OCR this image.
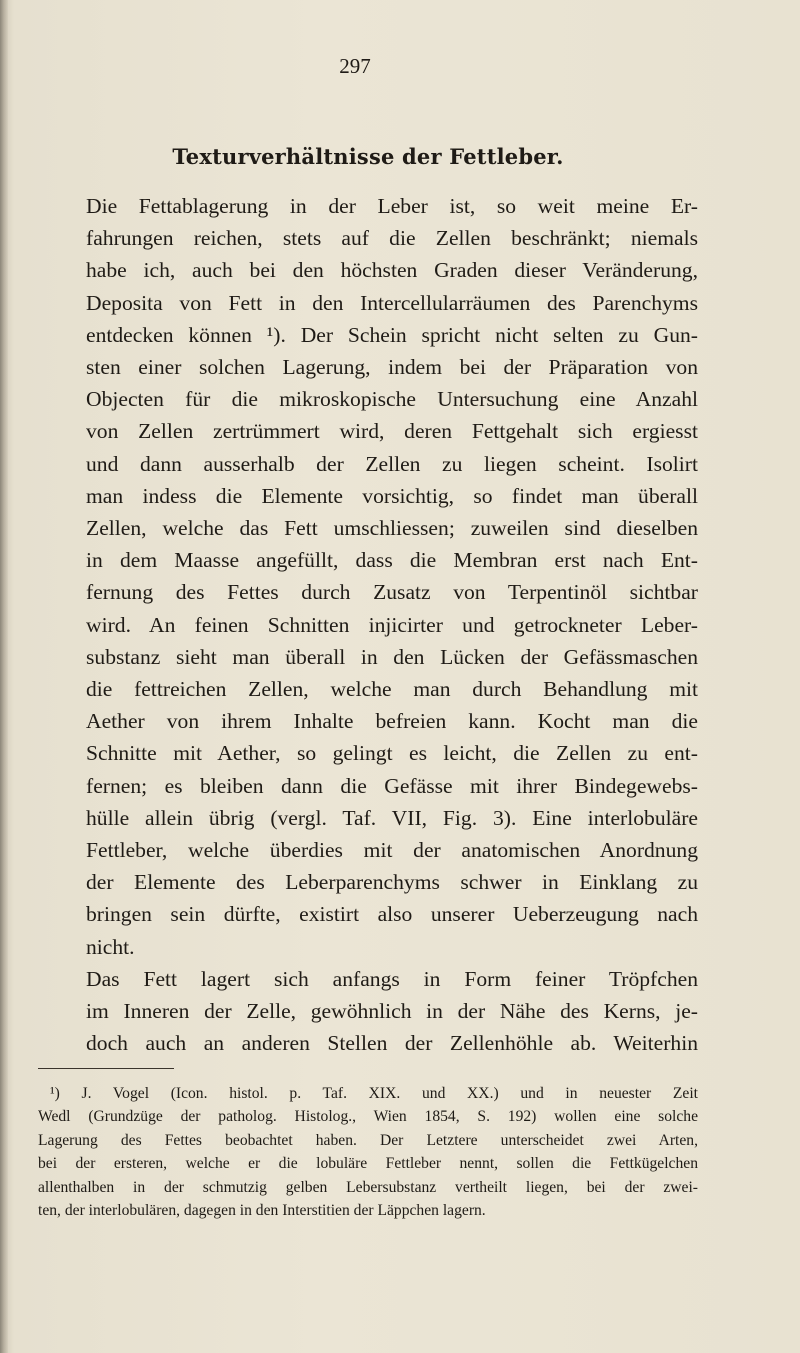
297
Texturverhältnisse der Fettleber.

Die Fettablagerung in der Leber ist, so weit meine Er-
fahrungen reichen, stets auf die Zellen beschränkt; niemals
habe ich, auch bei den höchsten Graden dieser Veränderung,
Deposita von Fett in den Intercellularräumen des Parenchyms
entdecken können ¹). Der Schein spricht nicht selten zu Gun-
sten einer solchen Lagerung, indem bei der Präparation von
Objecten für die mikroskopische Untersuchung eine Anzahl
von Zellen zertrümmert wird, deren Fettgehalt sich ergiesst
und dann ausserhalb der Zellen zu liegen scheint. Isolirt
man indess die Elemente vorsichtig, so findet man überall
Zellen, welche das Fett umschliessen; zuweilen sind dieselben
in dem Maasse angefüllt, dass die Membran erst nach Ent-
fernung des Fettes durch Zusatz von Terpentinöl sichtbar
wird. An feinen Schnitten injicirter und getrockneter Leber-
substanz sieht man überall in den Lücken der Gefässmaschen
die fettreichen Zellen, welche man durch Behandlung mit
Aether von ihrem Inhalte befreien kann. Kocht man die
Schnitte mit Aether, so gelingt es leicht, die Zellen zu ent-
fernen; es bleiben dann die Gefässe mit ihrer Bindegewebs-
hülle allein übrig (vergl. Taf. VII, Fig. 3). Eine interlobuläre
Fettleber, welche überdies mit der anatomischen Anordnung
der Elemente des Leberparenchyms schwer in Einklang zu
bringen sein dürfte, existirt also unserer Ueberzeugung nach
nicht.

Das Fett lagert sich anfangs in Form feiner Tröpfchen
im Inneren der Zelle, gewöhnlich in der Nähe des Kerns, je-
doch auch an anderen Stellen der Zellenhöhle ab. Weiterhin

¹) J. Vogel (Icon. histol. p. Taf. XIX. und XX.) und in neuester Zeit
Wedl (Grundzüge der patholog. Histolog., Wien 1854, S. 192) wollen eine solche
Lagerung des Fettes beobachtet haben. Der Letztere unterscheidet zwei Arten,
bei der ersteren, welche er die lobuläre Fettleber nennt, sollen die Fettkügelchen
allenthalben in der schmutzig gelben Lebersubstanz vertheilt liegen, bei der zwei-
ten, der interlobulären, dagegen in den Interstitien der Läppchen lagern.
